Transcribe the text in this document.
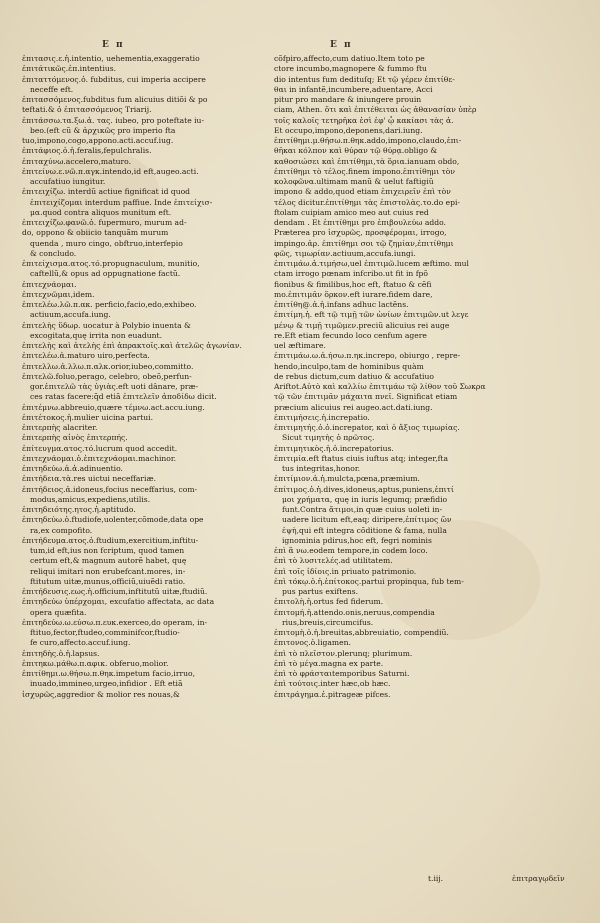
E π	E π
ἐπιτασις.ε.ἡ.intentio, uehementia,exaggeratio
ἐπιτάτικῶς.ἐπ.intentius.
* ἐπιταττόμενος.ὁ. fubditus, cui imperia accipere
neceffe eft.
* ἐπιτασσόμενος.fubditus fum alicuius ditiõi & po
teftati.& ὁ ἐπιτασσόμενος Triarij.
* ἐπιτάσσω.τα.ξω.ἀ. τας. iubeo, pro poteftate iu-
beo.(eft cũ & ἀρχικῶς pro imperio fta
tuo,impono,cogo,appono.acti.accuf.iug.
* ἐπιτάφιος.ὁ.ἡ.feralis,fepulchralis.
* ἐπιταχύνω.accelero,maturo.
ἐπιτείνω.ε.νῶ.π.αγκ.intendo,id eft,augeo.acti.
accufatiuo iungitur.
ἐπιτειχίζω. interdũ actiue fignificat id quod
ἐπιτειχίζομαι interdum paffiue. Inde ἐπιτείχισ-
μα.quod contra aliquos munitum eft.
ἐπιτειχίζω.φανῶ.ὁ. fupermuro, murum ad-
* do, oppono & obiicio tanquãm murum
quenda , muro cingo, obftruo,interfepio
& concludo.
* ἐπιτείχισμα.ατος.τό.propugnaculum, munitio,
caftellũ,& opus ad oppugnatione factũ.
* ἐπιτεχνάομαι.
* ἐπιτεχνῶμαι,idem.
ἐπιτελέω.λῶ.π.ακ. perficio,facio,edo,exhibeo.
actiuum,accufa.iung.
* ἐπιτελὴς ὕδωρ. uocatur à Polybio inuenta &
excogitata,quę irrita non euadunt.
ἐπιτελὴς καὶ ἀτελὴς ἐπὶ ἀπρακτοῖς.καὶ ἀτελῶς ἀγωνίαν.
ἐπιτελέω.ἀ.maturo uiro,perfecta.
ἐπιτελλω.ἀ.λλω.π.αλκ.orior,iubeo,committo.
ἐπιτελῶ.foluo,perago, celebro, obeõ,perfun-
gor.ἐπιτελῶ τὰς ὑγιὰς.eft uoti dânare, præ-
ces ratas facere:q̃d etiã ἐπιτελεῖν ἀποδίδω dicit.
ἐπιτέμνω.abbreuio,quære τέμνω.act.accu.iung.
ἐπιτέτοκος.ἡ.mulier uicina partui.
ἐπιτερπὴς alacriter.
ἐπιτερπὴς αἰνὸς ἐπιτερπής.
* ἐπίτευγμα.ατος.τό.lucrum quod accedit.
ἐπιτεχνάομαι.ὁ.ἐπιτεχνάομαι.machinor.
ἐπιτηδεύω.ἀ.ἀ.adinuentio.
ἐπιτήδεια.τὰ.res uictui neceffariæ.
* ἐπιτήδειος.ἀ.idoneus,focius neceffarius, com-
modus,amicus,expediens,utilis.
* ἐπιτηδειότης.ητος.ἡ.aptitudo.
ἐπιτηδεύω.ὁ.ftudiofe,uolenter,cõmode,data ope
ra,ex compofito.
ἐπιτήδευμα.ατος.ὁ.ftudium,exercitium,inftitu-
tum,id eft,ius non fcriptum, quod tamen
certum eft,& magnum autorẽ habet, quę
reliqui imitari non erubefcant.mores, in-
ftitutum uitæ,munus,officiũ,uiuẽdi ratio.
ἐπιτήδευσις.εως.ἡ.officium,inftitutũ uitæ,ftudiũ.
ἐπιτηδεύω ὑπέρχομαι, excufatio affectata, ac data
opera quæfita.
* ἐπιτηδεύω.ω.εύσω.π.ευκ.exerceo,do operam, in-
ftituo,fector,ftudeo,comminifcor,ftudio-
fe curo,affecto.accuf.iung.
ἐπιτηδὴς.ὁ.ἡ.lapsus.
ἐπιτηκω.μάθω.π.αφικ. obferuo,molior.
ἐπιτίθημι.ω.θήσω.π.θηκ.impetum facio,irruo,
inuado,immineo,urgeo,infidior . Eft etiã
* ἰσχυρῶς,aggredior & molior res nouas,&
cõfpiro,affecto,cum datiuo.Item toto pe
ctore incumbo,magnopere & fummo ftu
dio intentus fum dedituſq; Et τῷ γέρεν ἐπιτίθε-
θαι in infantẽ,incumbere,aduentare, Acci
pitur pro mandare & iniungere prouin
ciam, Athen. ὅτι καὶ ἐπιτέθειται ὡς ἀθανασίαν ὑπὲρ
τοῖς καλοῖς τετηρῆκα ἐσὶ ἐφ' ᾧ κακίασι τὰς ἀ.
Et occupo,impono,deponens,dari.iung.
ἐπιτίθημι.μ.θήσω.π.θηκ.addo,impono,claudo,ἐπι-
θῆκαι κόλπον καὶ θύραν τῷ θύρᾳ.obligo &
καθοσιώσει καὶ ἐπιτίθημι,τὰ ὅρια.ianuam obdo,
ἐπιτίθημι τὸ τέλος.finem impono.ἐπιτίθημι τὸν
κολοφῶνα.ultimam manũ & uelut faftigiũ
impono & addo,quod etiam ἐπιχειρεῖν ἐπὶ τὸν
τέλος dicitur.ἐπιτίθημι τὰς ἐπιστολὰς.το.do epi-
ftolam cuipiam amico meo aut cuius red
dendam . Et ἐπιτίθημι pro ἐπιβουλεύω addo.
* Præterea pro ἰσχυρῶς, προσφέρομαι, irrogo,
impingo.ἀρ. ἐπιτίθημι σοι τῷ ζημίαν,ἐπιτίθημι
φῶς, τιμωρίαν.actiuum,accufa.iungi.
* ἐπιτιμάω.ἀ.τιμήσω,uel ἐπιτιμῶ.lucem æftimo. mul
ctam irrogo pœnam infcribo.ut fit in fpõ
* fionibus & fimilibus,hoc eft, ftatuo & cẽfi
mo.ἐπιτιμᾶν ὅρκον.eft iurare.fidem dare,
ἐπιτίθη@.ἀ.ἡ.infans adhuc lactẽns.
* ἐπιτίμη.ἡ. eft τῷ τιμῇ τῶν ὠνίων ἐπιτιμῶν.ut λεγε
μένῳ & τιμῇ τιμῶμεν.preciũ alicuius rei auge
re.Eft etiam fecundo loco cenfum agere
uel æftimare.
* ἐπιτιμάω.ω.ἀ.ήσω.π.ηκ.increpo, obiurgo , repre-
hendo,inculpo,tam de hominibus quàm
* de rebus dictum,cum datiuo & accufatiuo
Ariftot.Αὐτὸ καὶ καλλίω ἐπιτιμάω τῷ λίθον τοῦ Σωκρα
τῷ τῶν ἐπιτιμᾶν μάχαιτα πνεῖ. Significat etiam
præcium alicuius rei augeo.act.dati.iung.
ἐπιτιμήσεις.ἡ.increpatio.
* ἐπιτιμητής.ὁ.ὁ.increpator, καὶ ὁ ἄξιος τιμωρίας.
Sicut τιμητὴς ὁ πρῶτος.
* ἐπιτιμητικὸς.ἡ.ὁ.increpatorius.
ἐπιτιμία.eft ftatus ciuis iuftus atq; integer,fta
tus integritas,honor.
ἐπιτίμιον.ἀ.ἡ.mulcta,pœna,præmium.
* ἐπίτιμος.ὁ.ἡ.dives,idoneus,aptus,puniens,ἐπιτί
μοι χρήματα, quę in iuris legumq; præfidio
funt.Contra ἄτιμοι,in quæ cuius uoleti in-
uadere licitum eft,eaq; diripere,ἐπίτιμος ὤν
ἐψὴ,qui eft integra cõditione & fama, nulla
ignominia pdirus,hoc eft, fegri nominis
ἐπὶ ἃ νω.eodem tempore,in codem loco.
ἐπὶ τὸ λυσιτελές.ad utilitatem.
ἐπὶ τοῖς ἰδίοις.in priuato patrimonio.
ἐπὶ τόκῳ.ὁ.ἡ.ἐπίτοκος.partui propinqua, fub tem-
pus partus exiftens.
ἐπιτολὴ.ἡ.ortus fed fiderum.
ἐπιτομή.ἡ.attendo.onis,neruus,compendia
rius,breuis,circumcifus.
ἐπιτομὴ.ὁ.ἡ.breuitas,abbreuiatio, compendiũ.
ἐπιτονος.ὁ.ligamen.
ἐπὶ τὸ πλεῖστον.plerunq; plurimum.
ἐπὶ τὸ μέγα.magna ex parte.
ἐπὶ τὸ φράσταιtemporibus Saturni.
ἐπὶ τούτοις.inter hæc,ob hæc.
ἐπιτράγημα.ἐ.pitrageæ pifces.
t.iij.	ἐπιτραγῳδεῖν
